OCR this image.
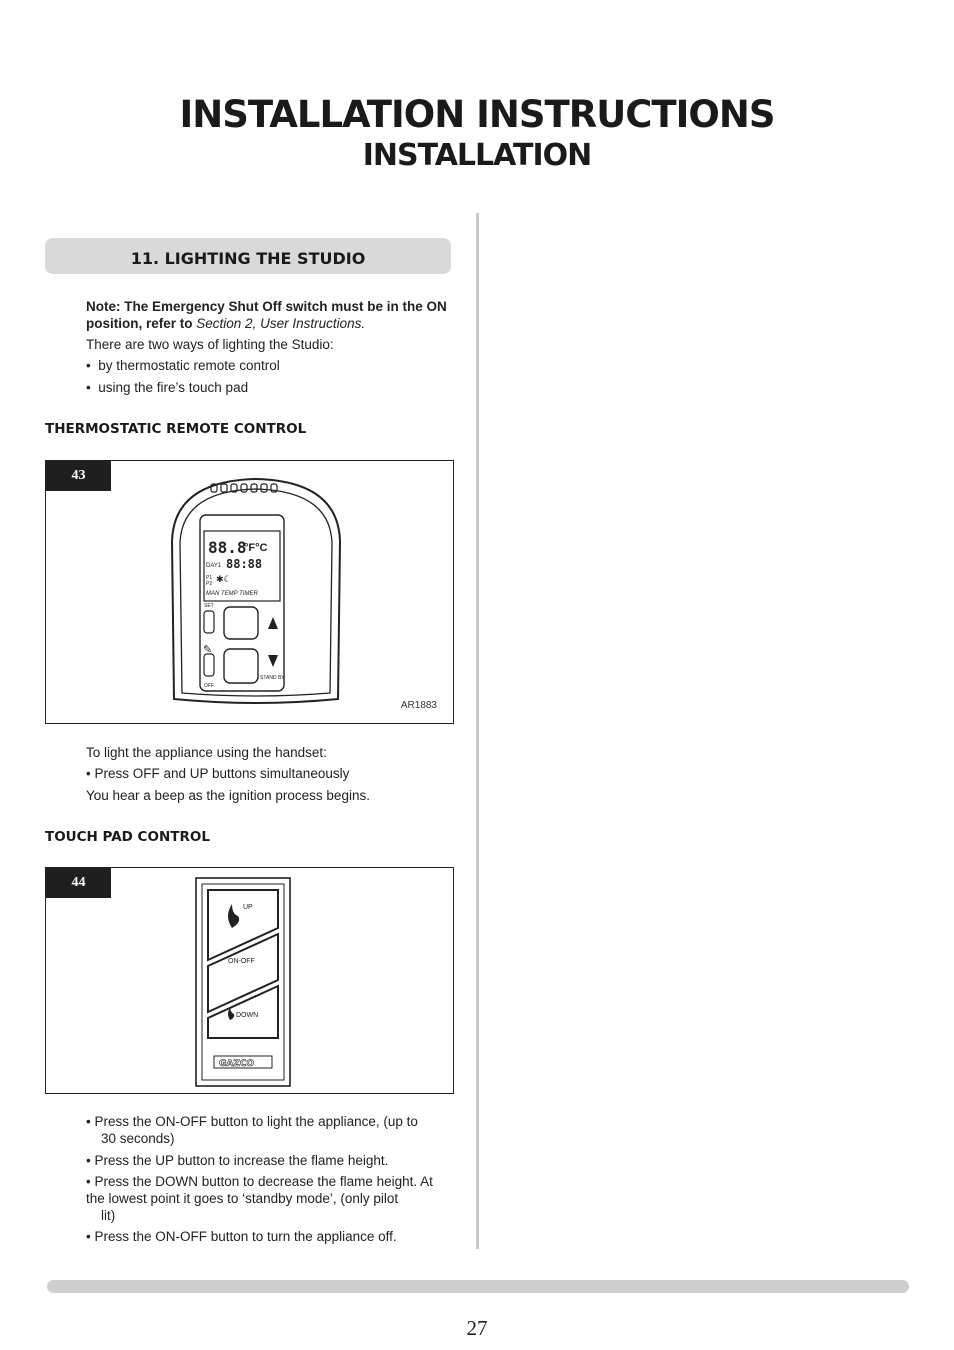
INSTALLATION INSTRUCTIONS
INSTALLATION
11. LIGHTING THE STUDIO
Note: The Emergency Shut Off switch must be in the ON position, refer to Section 2, User Instructions.
There are two ways of lighting the Studio:
•  by thermostatic remote control
•  using the fire’s touch pad
THERMOSTATIC REMOTE CONTROL
43
88.8
°F°C
DAY1 88:88
P1
P2 ✱☾
MAN TEMP TIMER
SET
✎
OFF
STAND BY
AR1883
To light the appliance using the handset:
• Press OFF and UP buttons simultaneously
You hear a beep as the ignition process begins.
TOUCH PAD CONTROL
44
UP
ON-OFF
DOWN
GAZCO
• Press the ON-OFF button to light the appliance, (up to
30 seconds)
• Press the UP button to increase the flame height.
• Press the DOWN button to decrease the flame height. At
the lowest point it goes to ‘standby mode’, (only pilot
lit)
• Press the ON-OFF button to turn the appliance off.
27
